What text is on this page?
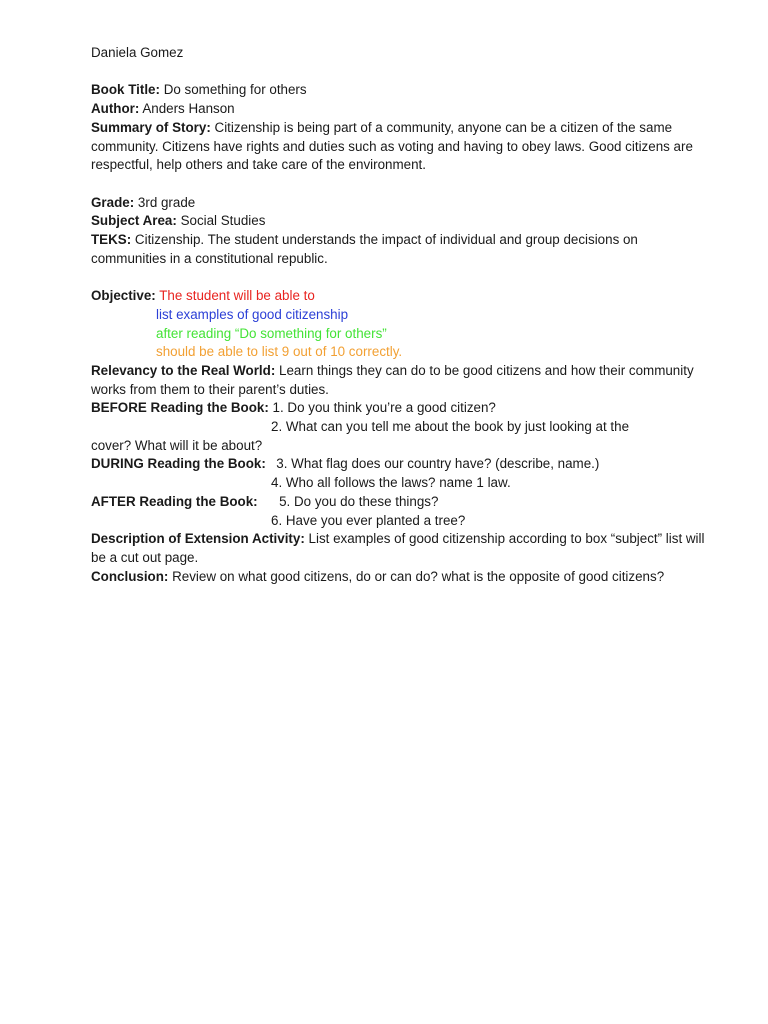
Daniela Gomez
Book Title: Do something for others
Author: Anders Hanson
Summary of Story: Citizenship is being part of a community, anyone can be a citizen of the same community. Citizens have rights and duties such as voting and having to obey laws. Good citizens are respectful, help others and take care of the environment.
Grade: 3rd grade
Subject Area: Social Studies
TEKS: Citizenship. The student understands the impact of individual and group decisions on communities in a constitutional republic.
Objective: The student will be able to
list examples of good citizenship
after reading “Do something for others”
should be able to list 9 out of 10 correctly.
Relevancy to the Real World: Learn things they can do to be good citizens and how their community works from them to their parent’s duties.
BEFORE Reading the Book: 1. Do you think you’re a good citizen?
2. What can you tell me about the book by just looking at the
cover? What will it be about?
DURING Reading the Book: 3. What flag does our country have? (describe, name.)
4. Who all follows the laws? name 1 law.
AFTER Reading the Book: 5. Do you do these things?
6. Have you ever planted a tree?
Description of Extension Activity: List examples of good citizenship according to box “subject” list will be a cut out page.
Conclusion: Review on what good citizens, do or can do? what is the opposite of good citizens?
